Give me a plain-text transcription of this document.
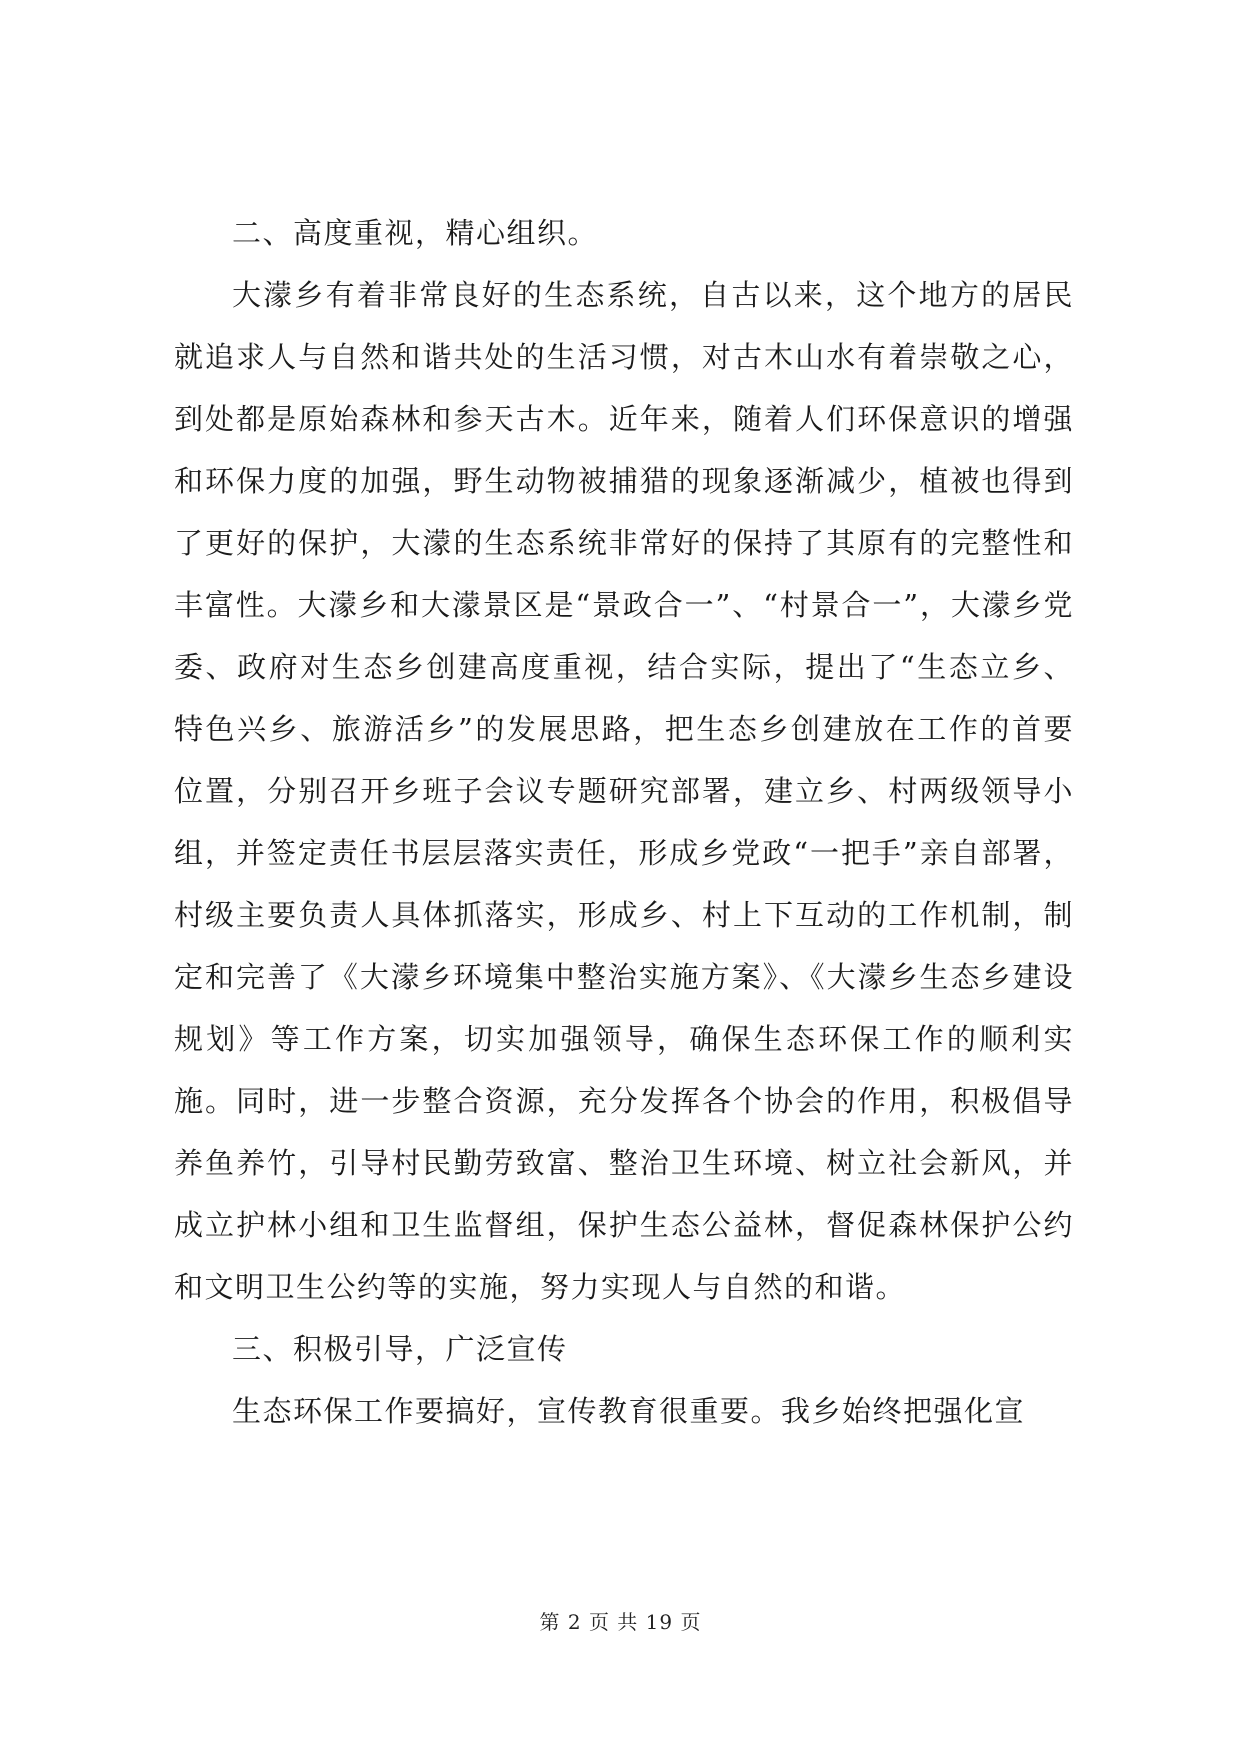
二、高度重视，精心组织。

大濛乡有着非常良好的生态系统，自古以来，这个地方的居民就追求人与自然和谐共处的生活习惯，对古木山水有着崇敬之心，到处都是原始森林和参天古木。近年来，随着人们环保意识的增强和环保力度的加强，野生动物被捕猎的现象逐渐减少，植被也得到了更好的保护，大濛的生态系统非常好的保持了其原有的完整性和丰富性。大濛乡和大濛景区是“景政合一”、“村景合一”，大濛乡党委、政府对生态乡创建高度重视，结合实际，提出了“生态立乡、特色兴乡、旅游活乡”的发展思路，把生态乡创建放在工作的首要位置，分别召开乡班子会议专题研究部署，建立乡、村两级领导小组，并签定责任书层层落实责任，形成乡党政“一把手”亲自部署，村级主要负责人具体抓落实，形成乡、村上下互动的工作机制，制定和完善了《大濛乡环境集中整治实施方案》、《大濛乡生态乡建设规划》等工作方案，切实加强领导，确保生态环保工作的顺利实施。同时，进一步整合资源，充分发挥各个协会的作用，积极倡导养鱼养竹，引导村民勤劳致富、整治卫生环境、树立社会新风，并成立护林小组和卫生监督组，保护生态公益林，督促森林保护公约和文明卫生公约等的实施，努力实现人与自然的和谐。

三、积极引导，广泛宣传

生态环保工作要搞好，宣传教育很重要。我乡始终把强化宣

第 2 页 共 19 页
